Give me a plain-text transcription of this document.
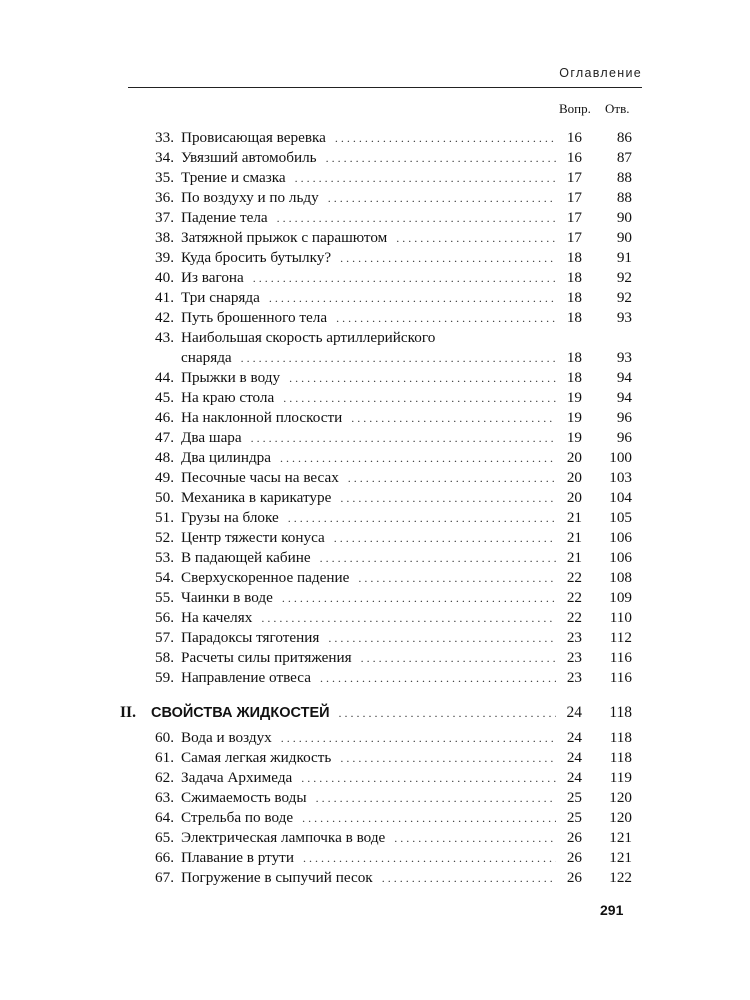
Оглавление
Вопр. Отв.
33. Провисающая веревка . . .	16	86
34. Увязший автомобиль . . .	16	87
35. Трение и смазка . . .	17	88
36. По воздуху и по льду . . .	17	88
37. Падение тела . . .	17	90
38. Затяжной прыжок с парашютом . . .	17	90
39. Куда бросить бутылку? . . .	18	91
40. Из вагона . . .	18	92
41. Три снаряда . . .	18	92
42. Путь брошенного тела . . .	18	93
43. Наибольшая скорость артиллерийского
снаряда . . .	18	93
44. Прыжки в воду . . .	18	94
45. На краю стола . . .	19	94
46. На наклонной плоскости . . .	19	96
47. Два шара . . .	19	96
48. Два цилиндра . . .	20	100
49. Песочные часы на весах . . .	20	103
50. Механика в карикатуре . . .	20	104
51. Грузы на блоке . . .	21	105
52. Центр тяжести конуса . . .	21	106
53. В падающей кабине . . .	21	106
54. Сверхускоренное падение . . .	22	108
55. Чаинки в воде . . .	22	109
56. На качелях . . .	22	110
57. Парадоксы тяготения . . .	23	112
58. Расчеты силы притяжения . . .	23	116
59. Направление отвеса . . .	23	116
II. СВОЙСТВА ЖИДКОСТЕЙ . . .	24	118
60. Вода и воздух . . .	24	118
61. Самая легкая жидкость . . .	24	118
62. Задача Архимеда . . .	24	119
63. Сжимаемость воды . . .	25	120
64. Стрельба по воде . . .	25	120
65. Электрическая лампочка в воде . . .	26	121
66. Плавание в ртути . . .	26	121
67. Погружение в сыпучий песок . . .	26	122
291
